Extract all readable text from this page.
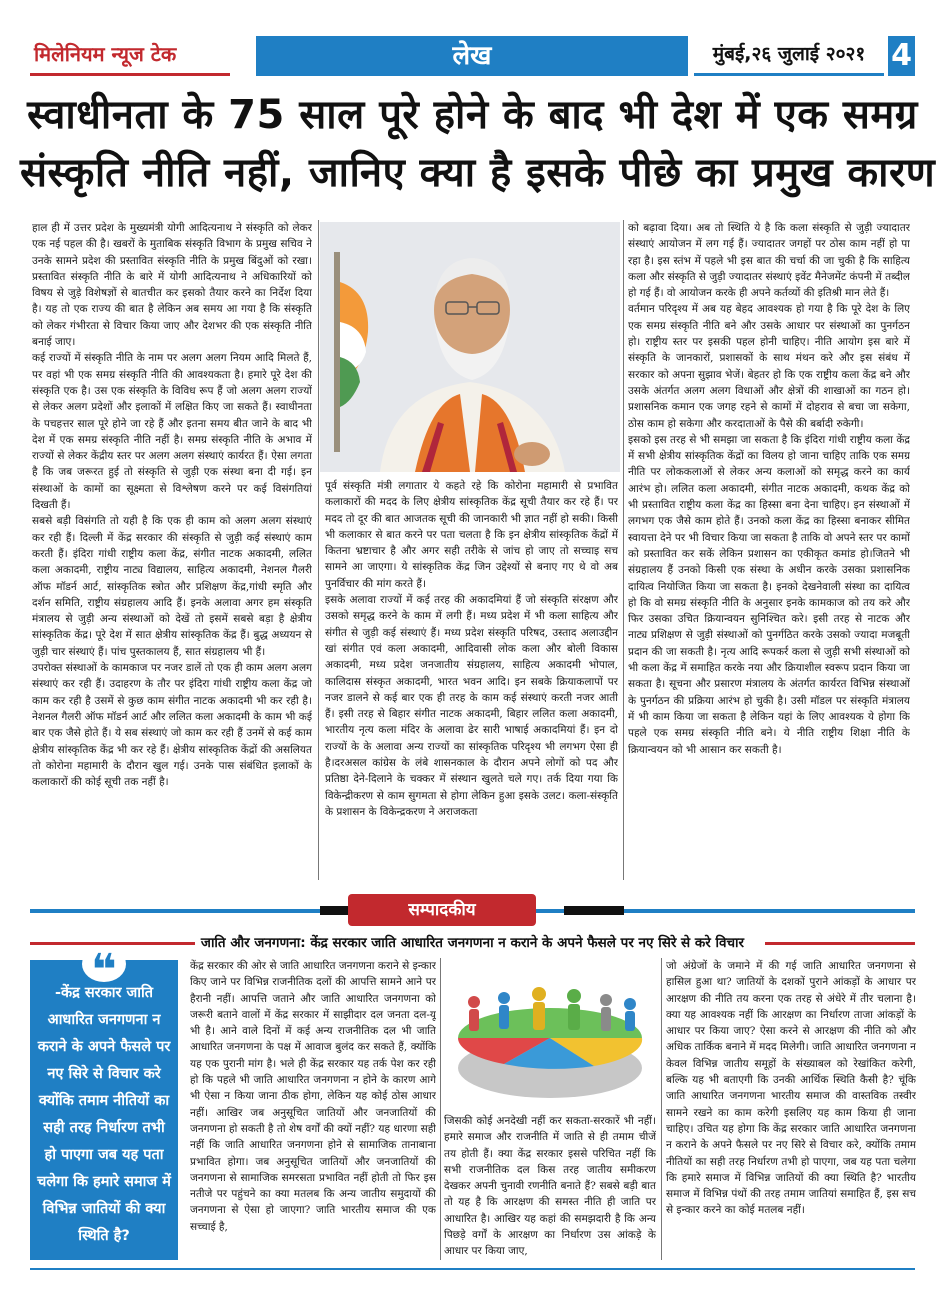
मिलेनियम न्यूज टेक	लेख	मुंबई,२६ जुलाई २०२१ 4
स्वाधीनता के 75 साल पूरे होने के बाद भी देश में एक समग्र
संस्कृति नीति नहीं, जानिए क्या है इसके पीछे का प्रमुख कारण

हाल ही में उत्तर प्रदेश के मुख्यमंत्री योगी आदित्यनाथ ने संस्कृति को लेकर एक नई पहल की है। खबरों के मुताबिक संस्कृति विभाग के प्रमुख सचिव ने उनके सामने प्रदेश की प्रस्तावित संस्कृति नीति के प्रमुख बिंदुओं को रखा। प्रस्तावित संस्कृति नीति के बारे में योगी आदित्यनाथ ने अधिकारियों को विषय से जुड़े विशेषज्ञों से बातचीत कर इसको तैयार करने का निर्देश दिया है। यह तो एक राज्य की बात है लेकिन अब समय आ गया है कि संस्कृति को लेकर गंभीरता से विचार किया जाए और देशभर की एक संस्कृति नीति बनाई जाए।

कई राज्यों में संस्कृति नीति के नाम पर अलग अलग नियम आदि मिलते हैं, पर वहां भी एक समग्र संस्कृति नीति की आवश्यकता है। हमारे पूरे देश की संस्कृति एक है। उस एक संस्कृति के विविध रूप हैं जो अलग अलग राज्यों से लेकर अलग प्रदेशों और इलाकों में लक्षित किए जा सकते हैं। स्वाधीनता के पचहत्तर साल पूरे होने जा रहे हैं और इतना समय बीत जाने के बाद भी देश में एक समग्र संस्कृति नीति नहीं है। समग्र संस्कृति नीति के अभाव में राज्यों से लेकर केंद्रीय स्तर पर अलग अलग संस्थाएं कार्यरत हैं। ऐसा लगता है कि जब जरूरत हुई तो संस्कृति से जुड़ी एक संस्था बना दी गई। इन संस्थाओं के कामों का सूक्ष्मता से विश्लेषण करने पर कई विसंगतियां दिखती हैं।

सबसे बड़ी विसंगति तो यही है कि एक ही काम को अलग अलग संस्थाएं कर रही हैं। दिल्ली में केंद्र सरकार की संस्कृति से जुड़ी कई संस्थाएं काम करती हैं। इंदिरा गांधी राष्ट्रीय कला केंद्र, संगीत नाटक अकादमी, ललित कला अकादमी, राष्ट्रीय नाट्य विद्यालय, साहित्य अकादमी, नेशनल गैलरी ऑफ मॉडर्न आर्ट, सांस्कृतिक स्त्रोत और प्रशिक्षण केंद्र,गांधी स्मृति और दर्शन समिति, राष्ट्रीय संग्रहालय आदि हैं। इनके अलावा अगर हम संस्कृति मंत्रालय से जुड़ी अन्य संस्थाओं को देखें तो इसमें सबसे बड़ा है क्षेत्रीय सांस्कृतिक केंद्र। पूरे देश में सात क्षेत्रीय सांस्कृतिक केंद्र हैं। बुद्ध अध्ययन से जुड़ी चार संस्थाएं हैं। पांच पुस्तकालय हैं, सात संग्रहालय भी हैं।

उपरोक्त संस्थाओं के कामकाज पर नजर डालें तो एक ही काम अलग अलग संस्थाएं कर रही हैं। उदाहरण के तौर पर इंदिरा गांधी राष्ट्रीय कला केंद्र जो काम कर रही है उसमें से कुछ काम संगीत नाटक अकादमी भी कर रही है। नेशनल गैलरी ऑफ मॉडर्न आर्ट और ललित कला अकादमी के काम भी कई बार एक जैसे होते हैं। ये सब संस्थाएं जो काम कर रही हैं उनमें से कई काम क्षेत्रीय सांस्कृतिक केंद्र भी कर रहे हैं। क्षेत्रीय सांस्कृतिक केंद्रों की असलियत तो कोरोना महामारी के दौरान खुल गई। उनके पास संबंधित इलाकों के कलाकारों की कोई सूची तक नहीं है।

पूर्व संस्कृति मंत्री लगातार ये कहते रहे कि कोरोना महामारी से प्रभावित कलाकारों की मदद के लिए क्षेत्रीय सांस्कृतिक केंद्र सूची तैयार कर रहे हैं। पर मदद तो दूर की बात आजतक सूची की जानकारी भी ज्ञात नहीं हो सकी। किसी भी कलाकार से बात करने पर पता चलता है कि इन क्षेत्रीय सांस्कृतिक केंद्रों में कितना भ्रष्टाचार है और अगर सही तरीके से जांच हो जाए तो सच्चाइ सच सामने आ जाएगा। ये सांस्कृतिक केंद्र जिन उद्देश्यों से बनाए गए थे वो अब पुनर्विचार की मांग करते हैं।

इसके अलावा राज्यों में कई तरह की अकादमियां हैं जो संस्कृति संरक्षण और उसको समृद्ध करने के काम में लगी हैं। मध्य प्रदेश में भी कला साहित्य और संगीत से जुड़ी कई संस्थाएं हैं। मध्य प्रदेश संस्कृति परिषद, उस्ताद अलाउद्दीन खां संगीत एवं कला अकादमी, आदिवासी लोक कला और बोली विकास अकादमी, मध्य प्रदेश जनजातीय संग्रहालय, साहित्य अकादमी भोपाल, कालिदास संस्कृत अकादमी, भारत भवन आदि। इन सबके क्रियाकलापों पर नजर डालने से कई बार एक ही तरह के काम कई संस्थाएं करती नजर आती हैं। इसी तरह से बिहार संगीत नाटक अकादमी, बिहार ललित कला अकादमी, भारतीय नृत्य कला मंदिर के अलावा ढेर सारी भाषाई अकादमियां हैं। इन दो राज्यों के के अलावा अन्य राज्यों का सांस्कृतिक परिदृश्य भी लगभग ऐसा ही है।दरअसल कांग्रेस के लंबे शासनकाल के दौरान अपने लोगों को पद और प्रतिष्ठा देने-दिलाने के चक्कर में संस्थान खुलते चले गए। तर्क दिया गया कि विकेन्द्रीकरण से काम सुगमता से होगा लेकिन हुआ इसके उलट। कला-संस्कृति के प्रशासन के विकेन्द्रकरण ने अराजकता

को बढ़ावा दिया। अब तो स्थिति ये है कि कला संस्कृति से जुड़ी ज्यादातर संस्थाएं आयोजन में लग गई हैं। ज्यादातर जगहों पर ठोस काम नहीं हो पा रहा है। इस स्तंभ में पहले भी इस बात की चर्चा की जा चुकी है कि साहित्य कला और संस्कृति से जुड़ी ज्यादातर संस्थाएं इवेंट मैनेजमेंट कंपनी में तब्दील हो गई हैं। वो आयोजन करके ही अपने कर्तव्यों की इतिश्री मान लेते हैं।

वर्तमान परिदृश्य में अब यह बेहद आवश्यक हो गया है कि पूरे देश के लिए एक समग्र संस्कृति नीति बने और उसके आधार पर संस्थाओं का पुनर्गठन हो। राष्ट्रीय स्तर पर इसकी पहल होनी चाहिए। नीति आयोग इस बारे में संस्कृति के जानकारों, प्रशासकों के साथ मंथन करे और इस संबंध में सरकार को अपना सुझाव भेजें। बेहतर हो कि एक राष्ट्रीय कला केंद्र बने और उसके अंतर्गत अलग अलग विधाओं और क्षेत्रों की शाखाओं का गठन हो। प्रशासनिक कमान एक जगह रहने से कामों में दोहराव से बचा जा सकेगा, ठोस काम हो सकेगा और करदाताओं के पैसे की बर्बादी रुकेगी।

इसको इस तरह से भी समझा जा सकता है कि इंदिरा गांधी राष्ट्रीय कला केंद्र में सभी क्षेत्रीय सांस्कृतिक केंद्रों का विलय हो जाना चाहिए ताकि एक समग्र नीति पर लोककलाओं से लेकर अन्य कलाओं को समृद्ध करने का कार्य आरंभ हो। ललित कला अकादमी, संगीत नाटक अकादमी, कथक केंद्र को भी प्रस्तावित राष्ट्रीय कला केंद्र का हिस्सा बना देना चाहिए। इन संस्थाओं में लगभग एक जैसे काम होते हैं। उनको कला केंद्र का हिस्सा बनाकर सीमित स्वायत्ता देने पर भी विचार किया जा सकता है ताकि वो अपने स्तर पर कामों को प्रस्तावित कर सकें लेकिन प्रशासन का एकीकृत कमांड हो।जितने भी संग्रहालय हैं उनको किसी एक संस्था के अधीन करके उसका प्रशासनिक दायित्व नियोजित किया जा सकता है। इनको देखनेवाली संस्था का दायित्व हो कि वो समग्र संस्कृति नीति के अनुसार इनके कामकाज को तय करे और फिर उसका उचित क्रियान्वयन सुनिश्चित करे। इसी तरह से नाटक और नाट्य प्रशिक्षण से जुड़ी संस्थाओं को पुनर्गठित करके उसको ज्यादा मजबूती प्रदान की जा सकती है। नृत्य आदि रूपकर्र कला से जुड़ी सभी संस्थाओं को भी कला केंद्र में समाहित करके नया और क्रियाशील स्वरूप प्रदान किया जा सकता है। सूचना और प्रसारण मंत्रालय के अंतर्गत कार्यरत विभिन्न संस्थाओं के पुनर्गठन की प्रक्रिया आरंभ हो चुकी है। उसी मॉडल पर संस्कृति मंत्रालय में भी काम किया जा सकता है लेकिन यहां के लिए आवश्यक ये होगा कि पहले एक समग्र संस्कृति नीति बने। ये नीति राष्ट्रीय शिक्षा नीति के क्रियान्वयन को भी आसान कर सकती है।

सम्पादकीय
जाति और जनगणना: केंद्र सरकार जाति आधारित जनगणना न कराने के अपने फैसले पर नए सिरे से करे विचार
❝
-केंद्र सरकार जाति आधारित जनगणना न कराने के अपने फैसले पर नए सिरे से विचार करे क्योंकि तमाम नीतियों का सही तरह निर्धारण तभी हो पाएगा जब यह पता चलेगा कि हमारे समाज में विभिन्न जातियों की क्या स्थिति है?

केंद्र सरकार की ओर से जाति आधारित जनगणना कराने से इन्कार किए जाने पर विभिन्न राजनीतिक दलों की आपत्ति सामने आने पर हैरानी नहीं। आपत्ति जताने और जाति आधारित जनगणना को जरूरी बताने वालों में केंद्र सरकार में साझीदार दल जनता दल-यू भी है। आने वाले दिनों में कई अन्य राजनीतिक दल भी जाति आधारित जनगणना के पक्ष में आवाज बुलंद कर सकते हैं, क्योंकि यह एक पुरानी मांग है। भले ही केंद्र सरकार यह तर्क पेश कर रही हो कि पहले भी जाति आधारित जनगणना न होने के कारण आगे भी ऐसा न किया जाना ठीक होगा, लेकिन यह कोई ठोस आधार नहीं। आखिर जब अनुसूचित जातियों और जनजातियों की जनगणना हो सकती है तो शेष वर्गों की क्यों नहीं? यह धारणा सही नहीं कि जाति आधारित जनगणना होने से सामाजिक तानाबाना प्रभावित होगा। जब अनुसूचित जातियों और जनजातियों की जनगणना से सामाजिक समरसता प्रभावित नहीं होती तो फिर इस नतीजे पर पहुंचने का क्या मतलब कि अन्य जातीय समुदायों की जनगणना से ऐसा हो जाएगा? जाति भारतीय समाज की एक सच्चाई है,

जिसकी कोई अनदेखी नहीं कर सकता-सरकारें भी नहीं। हमारे समाज और राजनीति में जाति से ही तमाम चीजें तय होती हैं। क्या केंद्र सरकार इससे परिचित नहीं कि सभी राजनीतिक दल किस तरह जातीय समीकरण देखकर अपनी चुनावी रणनीति बनाते हैं? सबसे बड़ी बात तो यह है कि आरक्षण की समस्त नीति ही जाति पर आधारित है। आखिर यह कहां की समझदारी है कि अन्य पिछड़े वर्गों के आरक्षण का निर्धारण उस आंकड़े के आधार पर किया जाए,

जो अंग्रेजों के जमाने में की गई जाति आधारित जनगणना से हासिल हुआ था? जातियों के दशकों पुराने आंकड़ों के आधार पर आरक्षण की नीति तय करना एक तरह से अंधेरे में तीर चलाना है। क्या यह आवश्यक नहीं कि आरक्षण का निर्धारण ताजा आंकड़ों के आधार पर किया जाए? ऐसा करने से आरक्षण की नीति को और अधिक तार्किक बनाने में मदद मिलेगी। जाति आधारित जनगणना न केवल विभिन्न जातीय समूहों के संख्याबल को रेखांकित करेगी, बल्कि यह भी बताएगी कि उनकी आर्थिक स्थिति कैसी है? चूंकि जाति आधारित जनगणना भारतीय समाज की वास्तविक तस्वीर सामने रखने का काम करेगी इसलिए यह काम किया ही जाना चाहिए। उचित यह होगा कि केंद्र सरकार जाति आधारित जनगणना न कराने के अपने फैसले पर नए सिरे से विचार करे, क्योंकि तमाम नीतियों का सही तरह निर्धारण तभी हो पाएगा, जब यह पता चलेगा कि हमारे समाज में विभिन्न जातियों की क्या स्थिति है? भारतीय समाज में विभिन्न पंथों की तरह तमाम जातियां समाहित हैं, इस सच से इन्कार करने का कोई मतलब नहीं।
